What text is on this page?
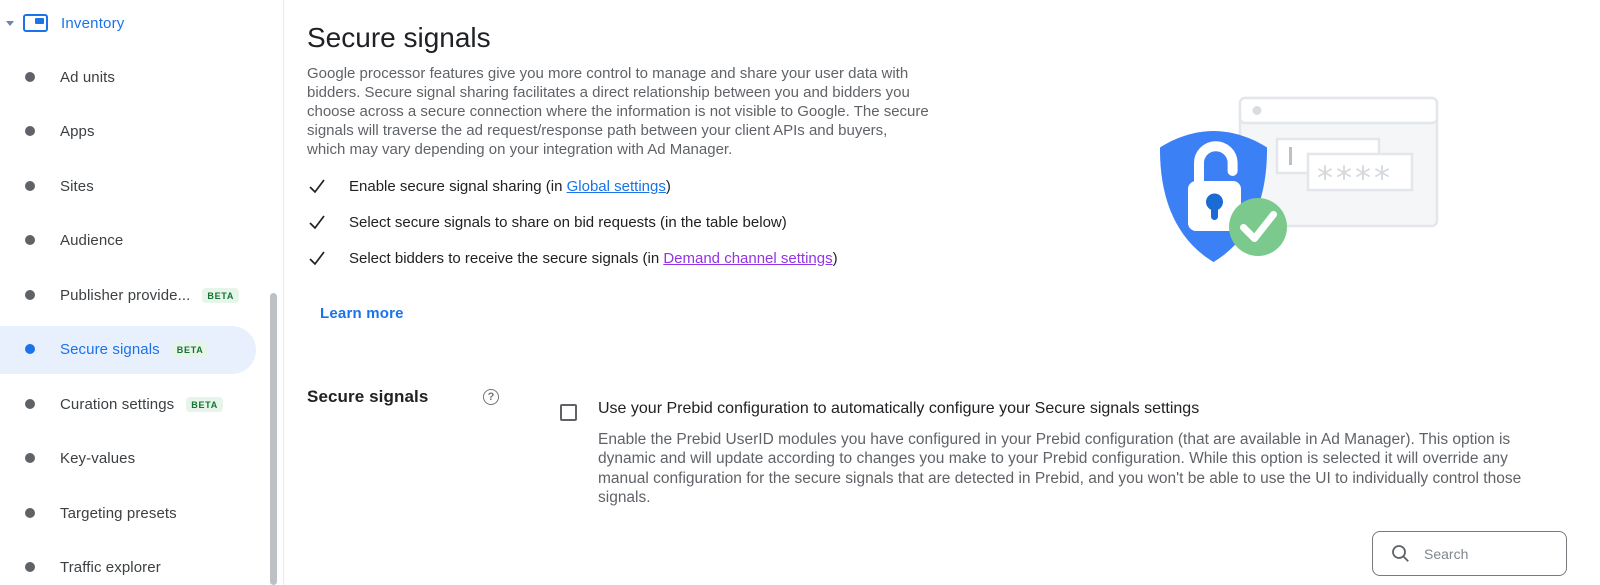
Inventory
Ad units
Apps
Sites
Audience
Publisher provide...	BETA
Secure signals	BETA
Curation settings	BETA
Key-values
Targeting presets
Traffic explorer
Secure signals

Google processor features give you more control to manage and share your user data with bidders. Secure signal sharing facilitates a direct relationship between you and bidders you choose across a secure connection where the information is not visible to Google. The secure signals will traverse the ad request/response path between your client APIs and buyers, which may vary depending on your integration with Ad Manager.

Enable secure signal sharing (in Global settings)
Select secure signals to share on bid requests (in the table below)
Select bidders to receive the secure signals (in Demand channel settings)
Learn more
Secure signals	?
Use your Prebid configuration to automatically configure your Secure signals settings

Enable the Prebid UserID modules you have configured in your Prebid configuration (that are available in Ad Manager). This option is dynamic and will update according to changes you make to your Prebid configuration. While this option is selected it will override any manual configuration for the secure signals that are detected in Prebid, and you won't be able to use the UI to individually control those signals.

Search
****
